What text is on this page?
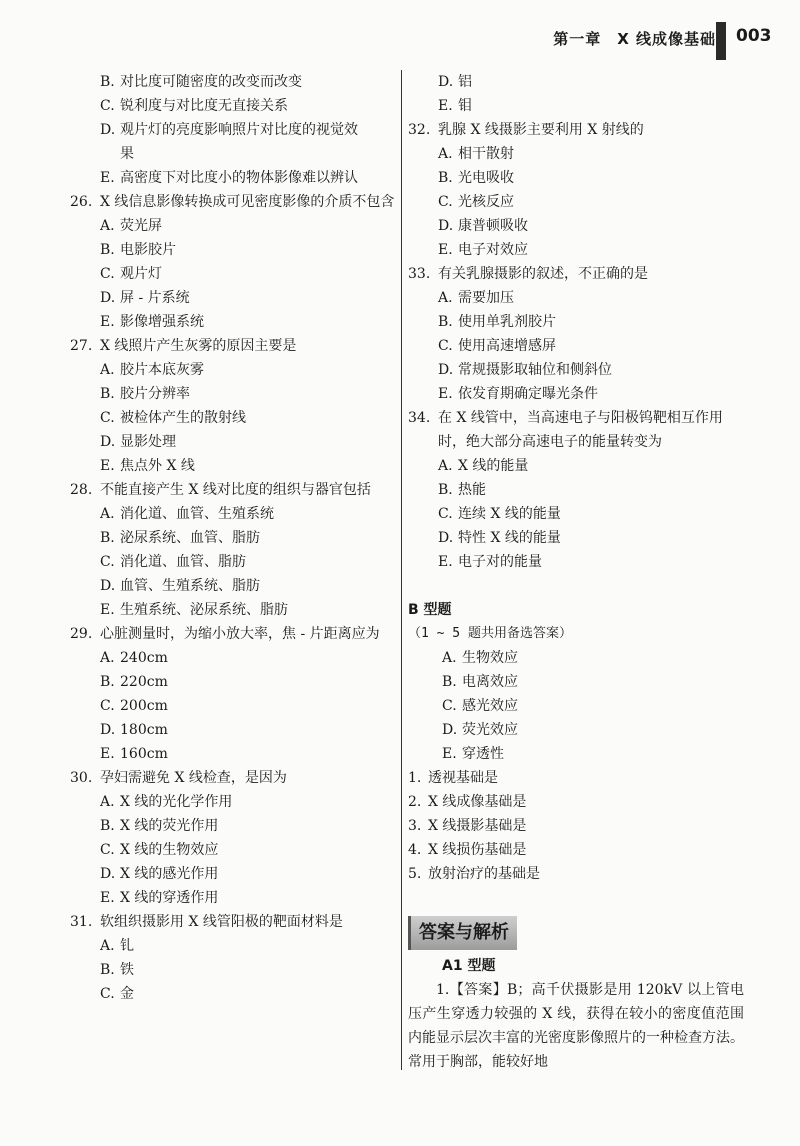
第一章　X 线成像基础 003
B. 对比度可随密度的改变而改变
C. 锐利度与对比度无直接关系
D. 观片灯的亮度影响照片对比度的视觉效
果
E. 高密度下对比度小的物体影像难以辨认
26. X 线信息影像转换成可见密度影像的介质不包含
A. 荧光屏
B. 电影胶片
C. 观片灯
D. 屏 - 片系统
E. 影像增强系统
27. X 线照片产生灰雾的原因主要是
A. 胶片本底灰雾
B. 胶片分辨率
C. 被检体产生的散射线
D. 显影处理
E. 焦点外 X 线
28. 不能直接产生 X 线对比度的组织与器官包括
A. 消化道、血管、生殖系统
B. 泌尿系统、血管、脂肪
C. 消化道、血管、脂肪
D. 血管、生殖系统、脂肪
E. 生殖系统、泌尿系统、脂肪
29. 心脏测量时，为缩小放大率，焦 - 片距离应为
A. 240cm
B. 220cm
C. 200cm
D. 180cm
E. 160cm
30. 孕妇需避免 X 线检查，是因为
A. X 线的光化学作用
B. X 线的荧光作用
C. X 线的生物效应
D. X 线的感光作用
E. X 线的穿透作用
31. 软组织摄影用 X 线管阳极的靶面材料是
A. 钆
B. 铁
C. 金
D. 铝
E. 钼
32. 乳腺 X 线摄影主要利用 X 射线的
A. 相干散射
B. 光电吸收
C. 光核反应
D. 康普顿吸收
E. 电子对效应
33. 有关乳腺摄影的叙述，不正确的是
A. 需要加压
B. 使用单乳剂胶片
C. 使用高速增感屏
D. 常规摄影取轴位和侧斜位
E. 依发育期确定曝光条件
34. 在 X 线管中，当高速电子与阳极钨靶相互作用时，绝大部分高速电子的能量转变为
A. X 线的能量
B. 热能
C. 连续 X 线的能量
D. 特性 X 线的能量
E. 电子对的能量
B 型题
（1 ~ 5 题共用备选答案）
A. 生物效应
B. 电离效应
C. 感光效应
D. 荧光效应
E. 穿透性
1. 透视基础是
2. X 线成像基础是
3. X 线摄影基础是
4. X 线损伤基础是
5. 放射治疗的基础是
答案与解析
A1 型题
1.【答案】B；高千伏摄影是用 120kV 以上管电压产生穿透力较强的 X 线，获得在较小的密度值范围内能显示层次丰富的光密度影像照片的一种检查方法。常用于胸部，能较好地
